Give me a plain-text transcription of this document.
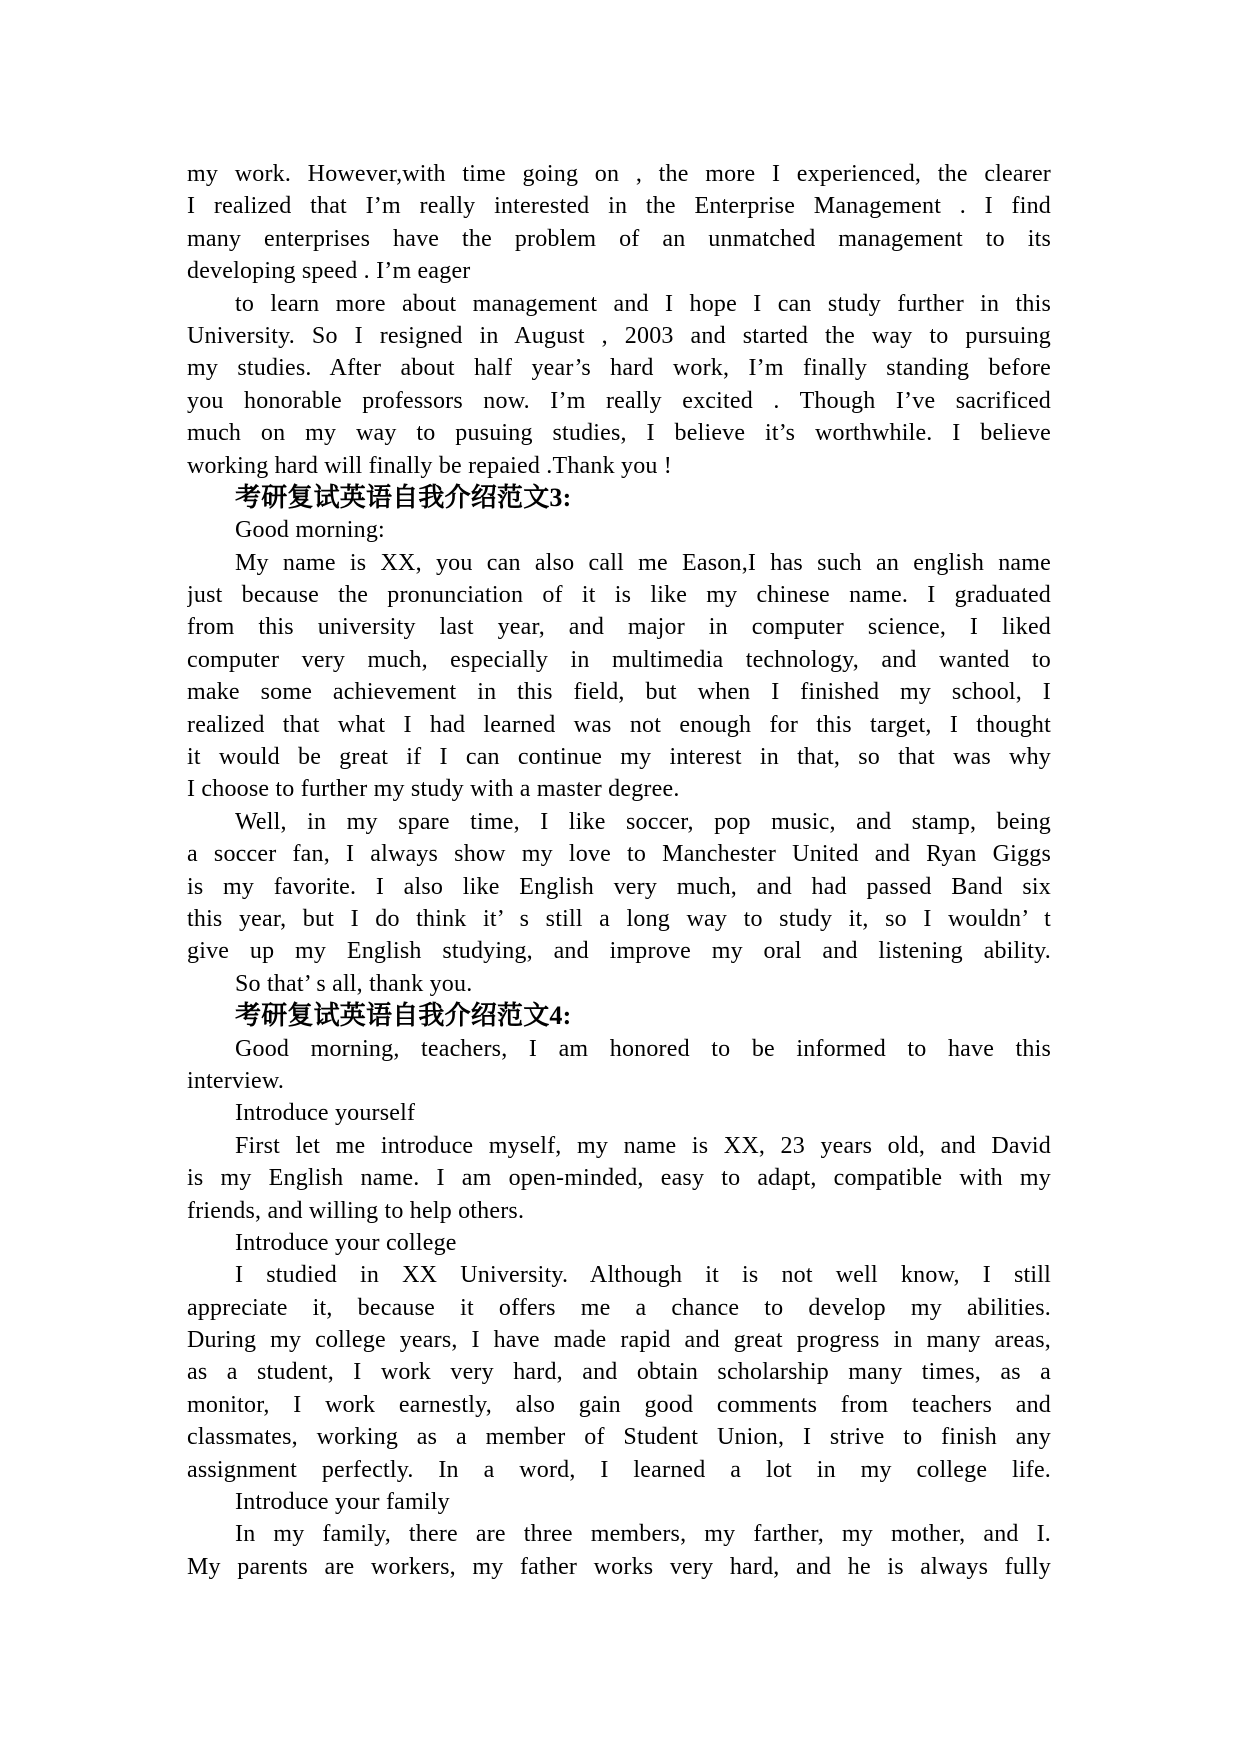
my work. However,with time going on , the more I experienced, the clearer
I realized that I’m really interested in the Enterprise Management . I find
many enterprises have the problem of an unmatched management to its
developing speed . I’m eager
to learn more about management and I hope I can study further in this
University. So I resigned in August , 2003 and started the way to pursuing
my studies. After about half year’s hard work, I’m finally standing before
you honorable professors now. I’m really excited . Though I’ve sacrificed
much on my way to pusuing studies, I believe it’s worthwhile. I believe
working hard will finally be repaied .Thank you !
考研复试英语自我介绍范文3:
Good morning:
My name is XX, you can also call me Eason,I has such an english name
just because the pronunciation of it is like my chinese name. I graduated
from this university last year, and major in computer science, I liked
computer very much, especially in multimedia technology, and wanted to
make some achievement in this field, but when I finished my school, I
realized that what I had learned was not enough for this target, I thought
it would be great if I can continue my interest in that, so that was why
I choose to further my study with a master degree.
Well, in my spare time, I like soccer, pop music, and stamp, being
a soccer fan, I always show my love to Manchester United and Ryan Giggs
is my favorite. I also like English very much, and had passed Band six
this year, but I do think it’ s still a long way to study it, so I wouldn’ t
give up my English studying, and improve my oral and listening ability.
So that’ s all, thank you.
考研复试英语自我介绍范文4:
Good morning, teachers, I am honored to be informed to have this
interview.
Introduce yourself
First let me introduce myself, my name is XX, 23 years old, and David
is my English name. I am open-minded, easy to adapt, compatible with my
friends, and willing to help others.
Introduce your college
I studied in XX University. Although it is not well know, I still
appreciate it, because it offers me a chance to develop my abilities.
During my college years, I have made rapid and great progress in many areas,
as a student, I work very hard, and obtain scholarship many times, as a
monitor, I work earnestly, also gain good comments from teachers and
classmates, working as a member of Student Union, I strive to finish any
assignment perfectly. In a word, I learned a lot in my college life.
Introduce your family
In my family, there are three members, my farther, my mother, and I.
My parents are workers, my father works very hard, and he is always fully
